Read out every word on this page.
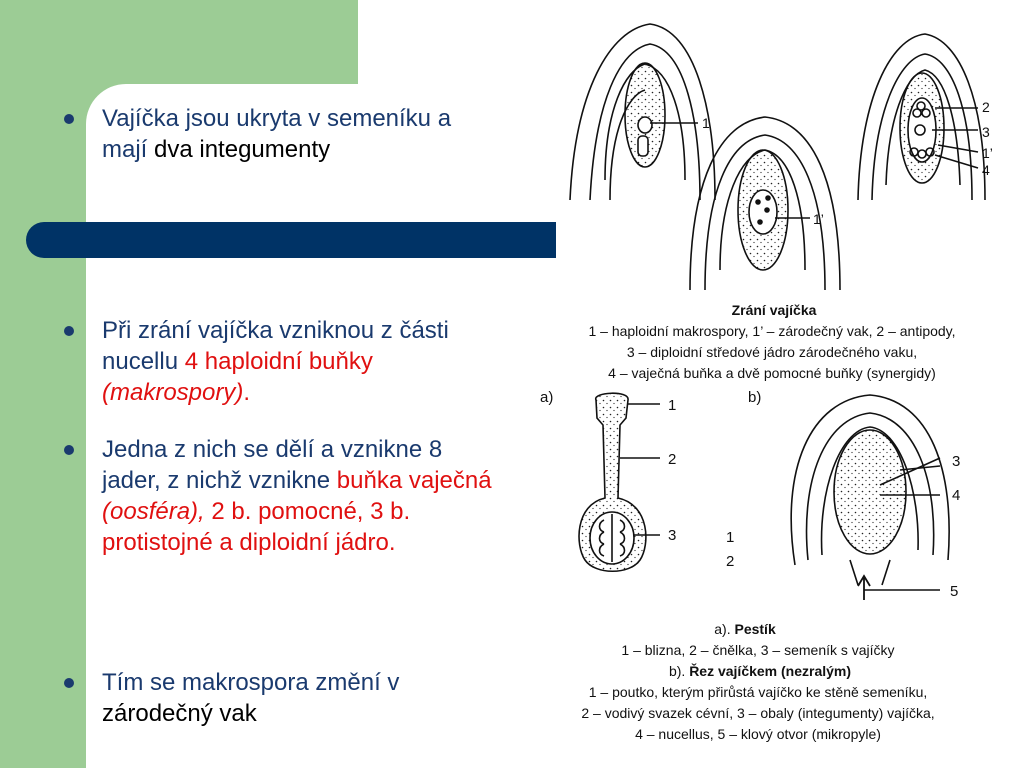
Vajíčka jsou ukryta v semeníku a mají dva integumenty
Při zrání vajíčka vzniknou z části nucellu 4 haploidní buňky (makrospory).
Jedna z nich se dělí a vznikne 8 jader, z nichž vznikne buňka vaječná (oosféra), 2 b. pomocné, 3 b. protistojné a diploidní jádro.
Tím se makrospora změní v zárodečný vak
1
1’
2
3
1’
4
Zrání vajíčka
1 – haploidní makrospory, 1’ – zárodečný vak, 2 – antipody,
3 – diploidní středové jádro zárodečného vaku,
4 – vaječná buňka a dvě pomocné buňky (synergidy)
a)	b)
1
2
3
3
4
1
2
5
a). Pestík
1 – blizna, 2 – čnělka, 3 – semeník s vajíčky
b). Řez vajíčkem (nezralým)
1 – poutko, kterým přirůstá vajíčko ke stěně semeníku,
2 – vodivý svazek cévní, 3 – obaly (integumenty) vajíčka,
4 – nucellus, 5 – klový otvor (mikropyle)
